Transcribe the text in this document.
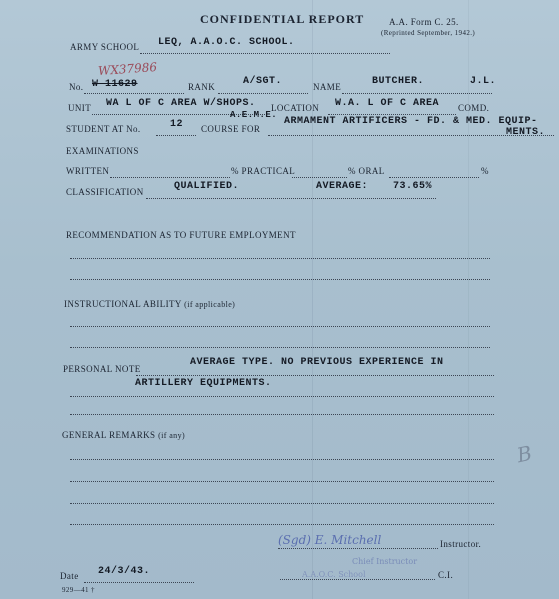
CONFIDENTIAL REPORT	A.A. Form C. 25.
(Reprinted September, 1942.)
ARMY SCHOOL LEQ, A.A.O.C. SCHOOL.
WX37986
No. W 11629	RANK	A/SGT.	NAME	BUTCHER.	J.L.
UNIT WA L OF C AREA W/SHOPS. LOCATION W.A. L OF C AREA COMD.
A.E.M.E.
STUDENT AT No.	12 COURSE FOR
ARMAMENT ARTIFICERS - FD. & MED. EQUIP-
MENTS.
EXAMINATIONS
WRITTEN	% PRACTICAL	% ORAL	%
CLASSIFICATION	QUALIFIED.	AVERAGE: 73.65%
RECOMMENDATION AS TO FUTURE EMPLOYMENT
INSTRUCTIONAL ABILITY (if applicable)
PERSONAL NOTE
AVERAGE TYPE. NO PREVIOUS EXPERIENCE IN
ARTILLERY EQUIPMENTS.
GENERAL REMARKS (if any)
B
(Sgd) E. Mitchell	Instructor.
Chief Instructor
A.A.O.C. School	C.I.
Date 24/3/43.
929—41 †
